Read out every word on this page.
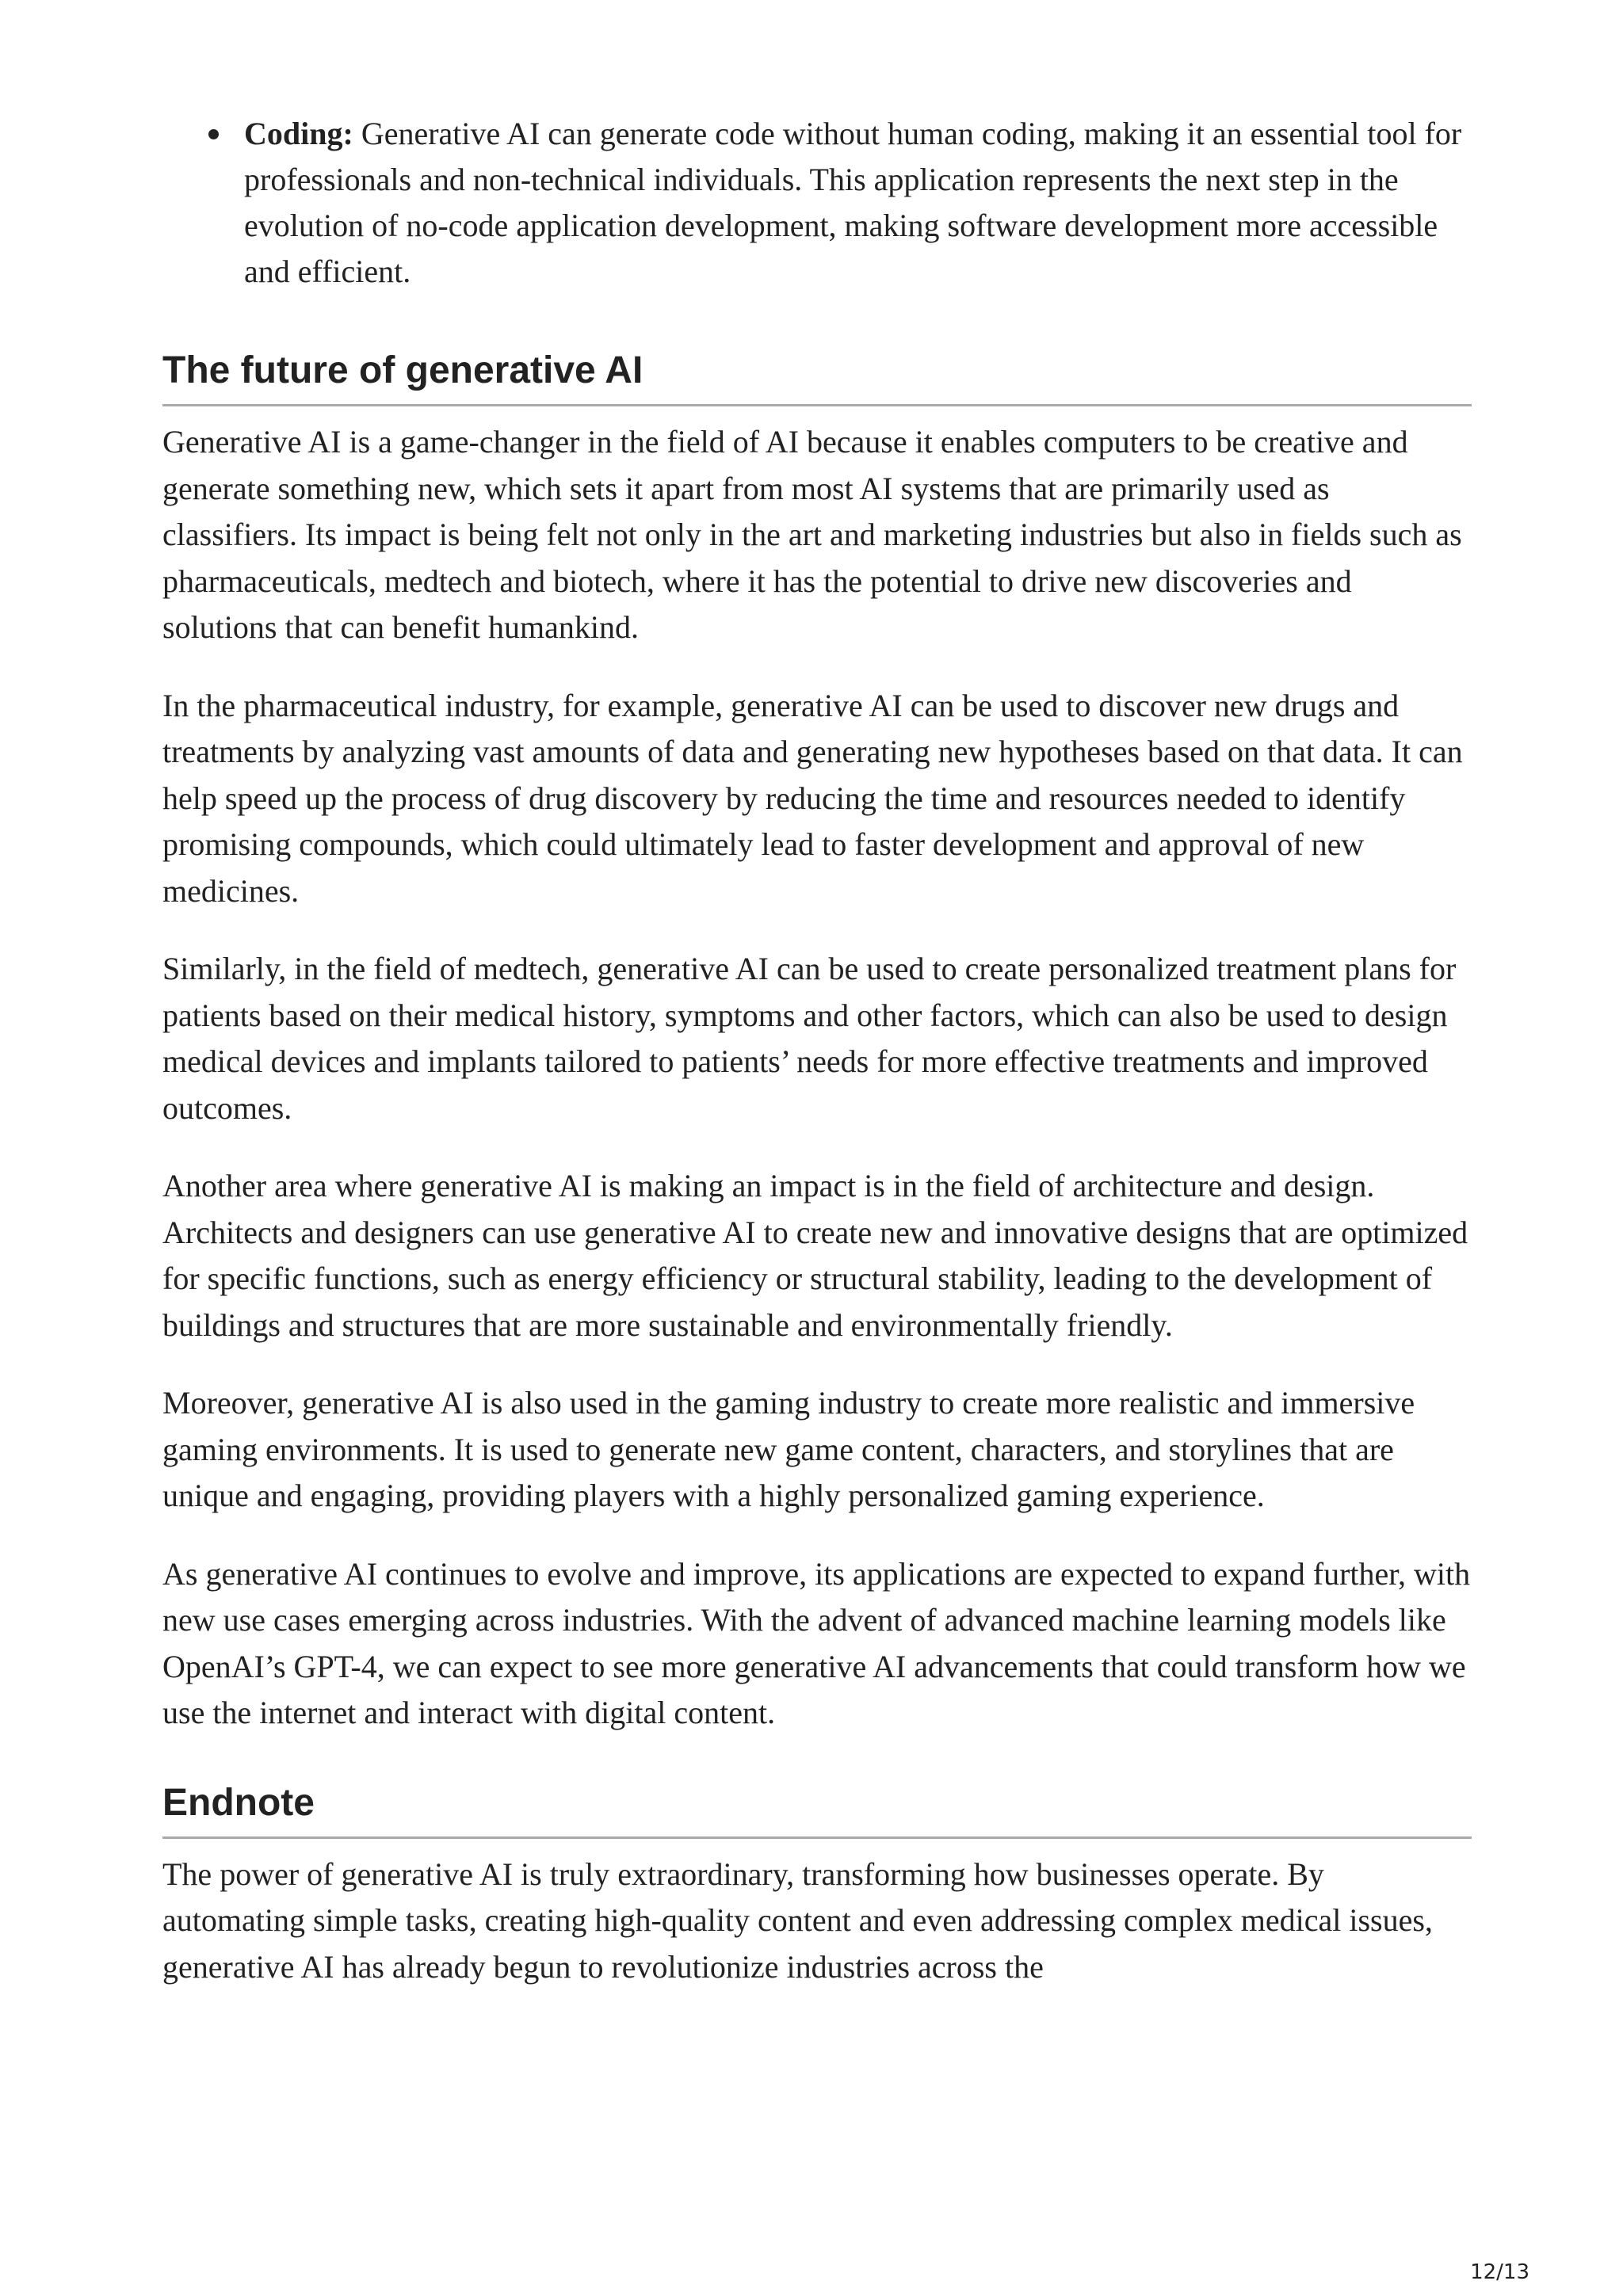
Coding: Generative AI can generate code without human coding, making it an essential tool for professionals and non-technical individuals. This application represents the next step in the evolution of no-code application development, making software development more accessible and efficient.
The future of generative AI

Generative AI is a game-changer in the field of AI because it enables computers to be creative and generate something new, which sets it apart from most AI systems that are primarily used as classifiers. Its impact is being felt not only in the art and marketing industries but also in fields such as pharmaceuticals, medtech and biotech, where it has the potential to drive new discoveries and solutions that can benefit humankind.

In the pharmaceutical industry, for example, generative AI can be used to discover new drugs and treatments by analyzing vast amounts of data and generating new hypotheses based on that data. It can help speed up the process of drug discovery by reducing the time and resources needed to identify promising compounds, which could ultimately lead to faster development and approval of new medicines.

Similarly, in the field of medtech, generative AI can be used to create personalized treatment plans for patients based on their medical history, symptoms and other factors, which can also be used to design medical devices and implants tailored to patients’ needs for more effective treatments and improved outcomes.

Another area where generative AI is making an impact is in the field of architecture and design. Architects and designers can use generative AI to create new and innovative designs that are optimized for specific functions, such as energy efficiency or structural stability, leading to the development of buildings and structures that are more sustainable and environmentally friendly.

Moreover, generative AI is also used in the gaming industry to create more realistic and immersive gaming environments. It is used to generate new game content, characters, and storylines that are unique and engaging, providing players with a highly personalized gaming experience.

As generative AI continues to evolve and improve, its applications are expected to expand further, with new use cases emerging across industries. With the advent of advanced machine learning models like OpenAI’s GPT-4, we can expect to see more generative AI advancements that could transform how we use the internet and interact with digital content.

Endnote

The power of generative AI is truly extraordinary, transforming how businesses operate. By automating simple tasks, creating high-quality content and even addressing complex medical issues, generative AI has already begun to revolutionize industries across the

12/13
